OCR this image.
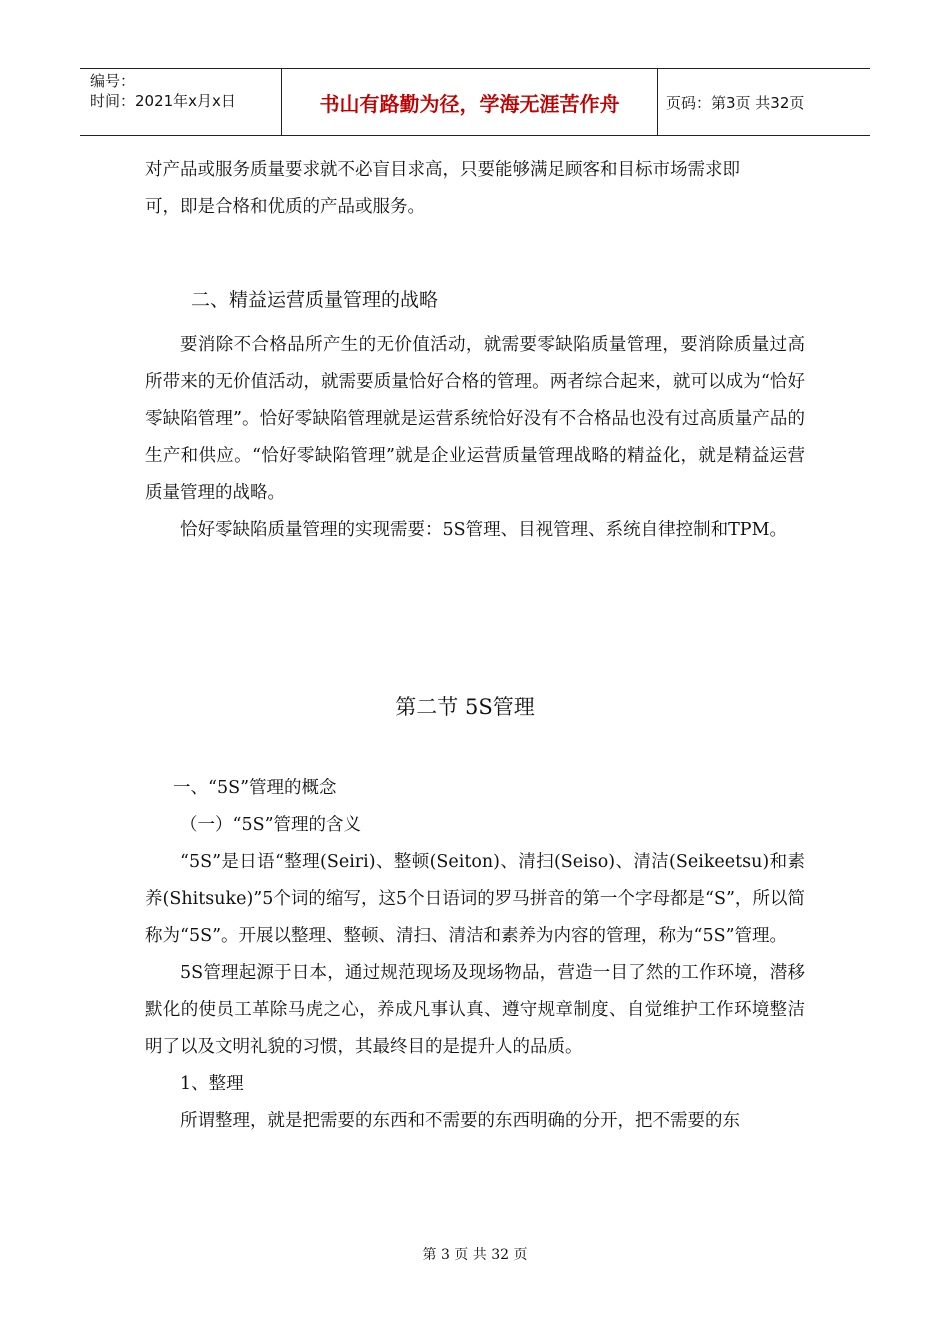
编号：
时间：2021年x月x日	书山有路勤为径，学海无涯苦作舟	页码：第3页 共32页

对产品或服务质量要求就不必盲目求高，只要能够满足顾客和目标市场需求即

可，即是合格和优质的产品或服务。

二、精益运营质量管理的战略

要消除不合格品所产生的无价值活动，就需要零缺陷质量管理，要消除质量过高所带来的无价值活动，就需要质量恰好合格的管理。两者综合起来，就可以成为“恰好零缺陷管理”。恰好零缺陷管理就是运营系统恰好没有不合格品也没有过高质量产品的生产和供应。“恰好零缺陷管理”就是企业运营质量管理战略的精益化，就是精益运营质量管理的战略。

恰好零缺陷质量管理的实现需要：5S管理、目视管理、系统自律控制和TPM。

第二节 5S管理

一、“5S”管理的概念

（一）“5S”管理的含义

“5S”是日语“整理(Seiri)、整顿(Seiton)、清扫(Seiso)、清洁(Seikeetsu)和素养(Shitsuke)”5个词的缩写，这5个日语词的罗马拼音的第一个字母都是“S”，所以简称为“5S”。开展以整理、整顿、清扫、清洁和素养为内容的管理，称为“5S”管理。

5S管理起源于日本，通过规范现场及现场物品，营造一目了然的工作环境，潜移默化的使员工革除马虎之心，养成凡事认真、遵守规章制度、自觉维护工作环境整洁明了以及文明礼貌的习惯，其最终目的是提升人的品质。

1、整理

所谓整理，就是把需要的东西和不需要的东西明确的分开，把不需要的东

第 3 页 共 32 页
